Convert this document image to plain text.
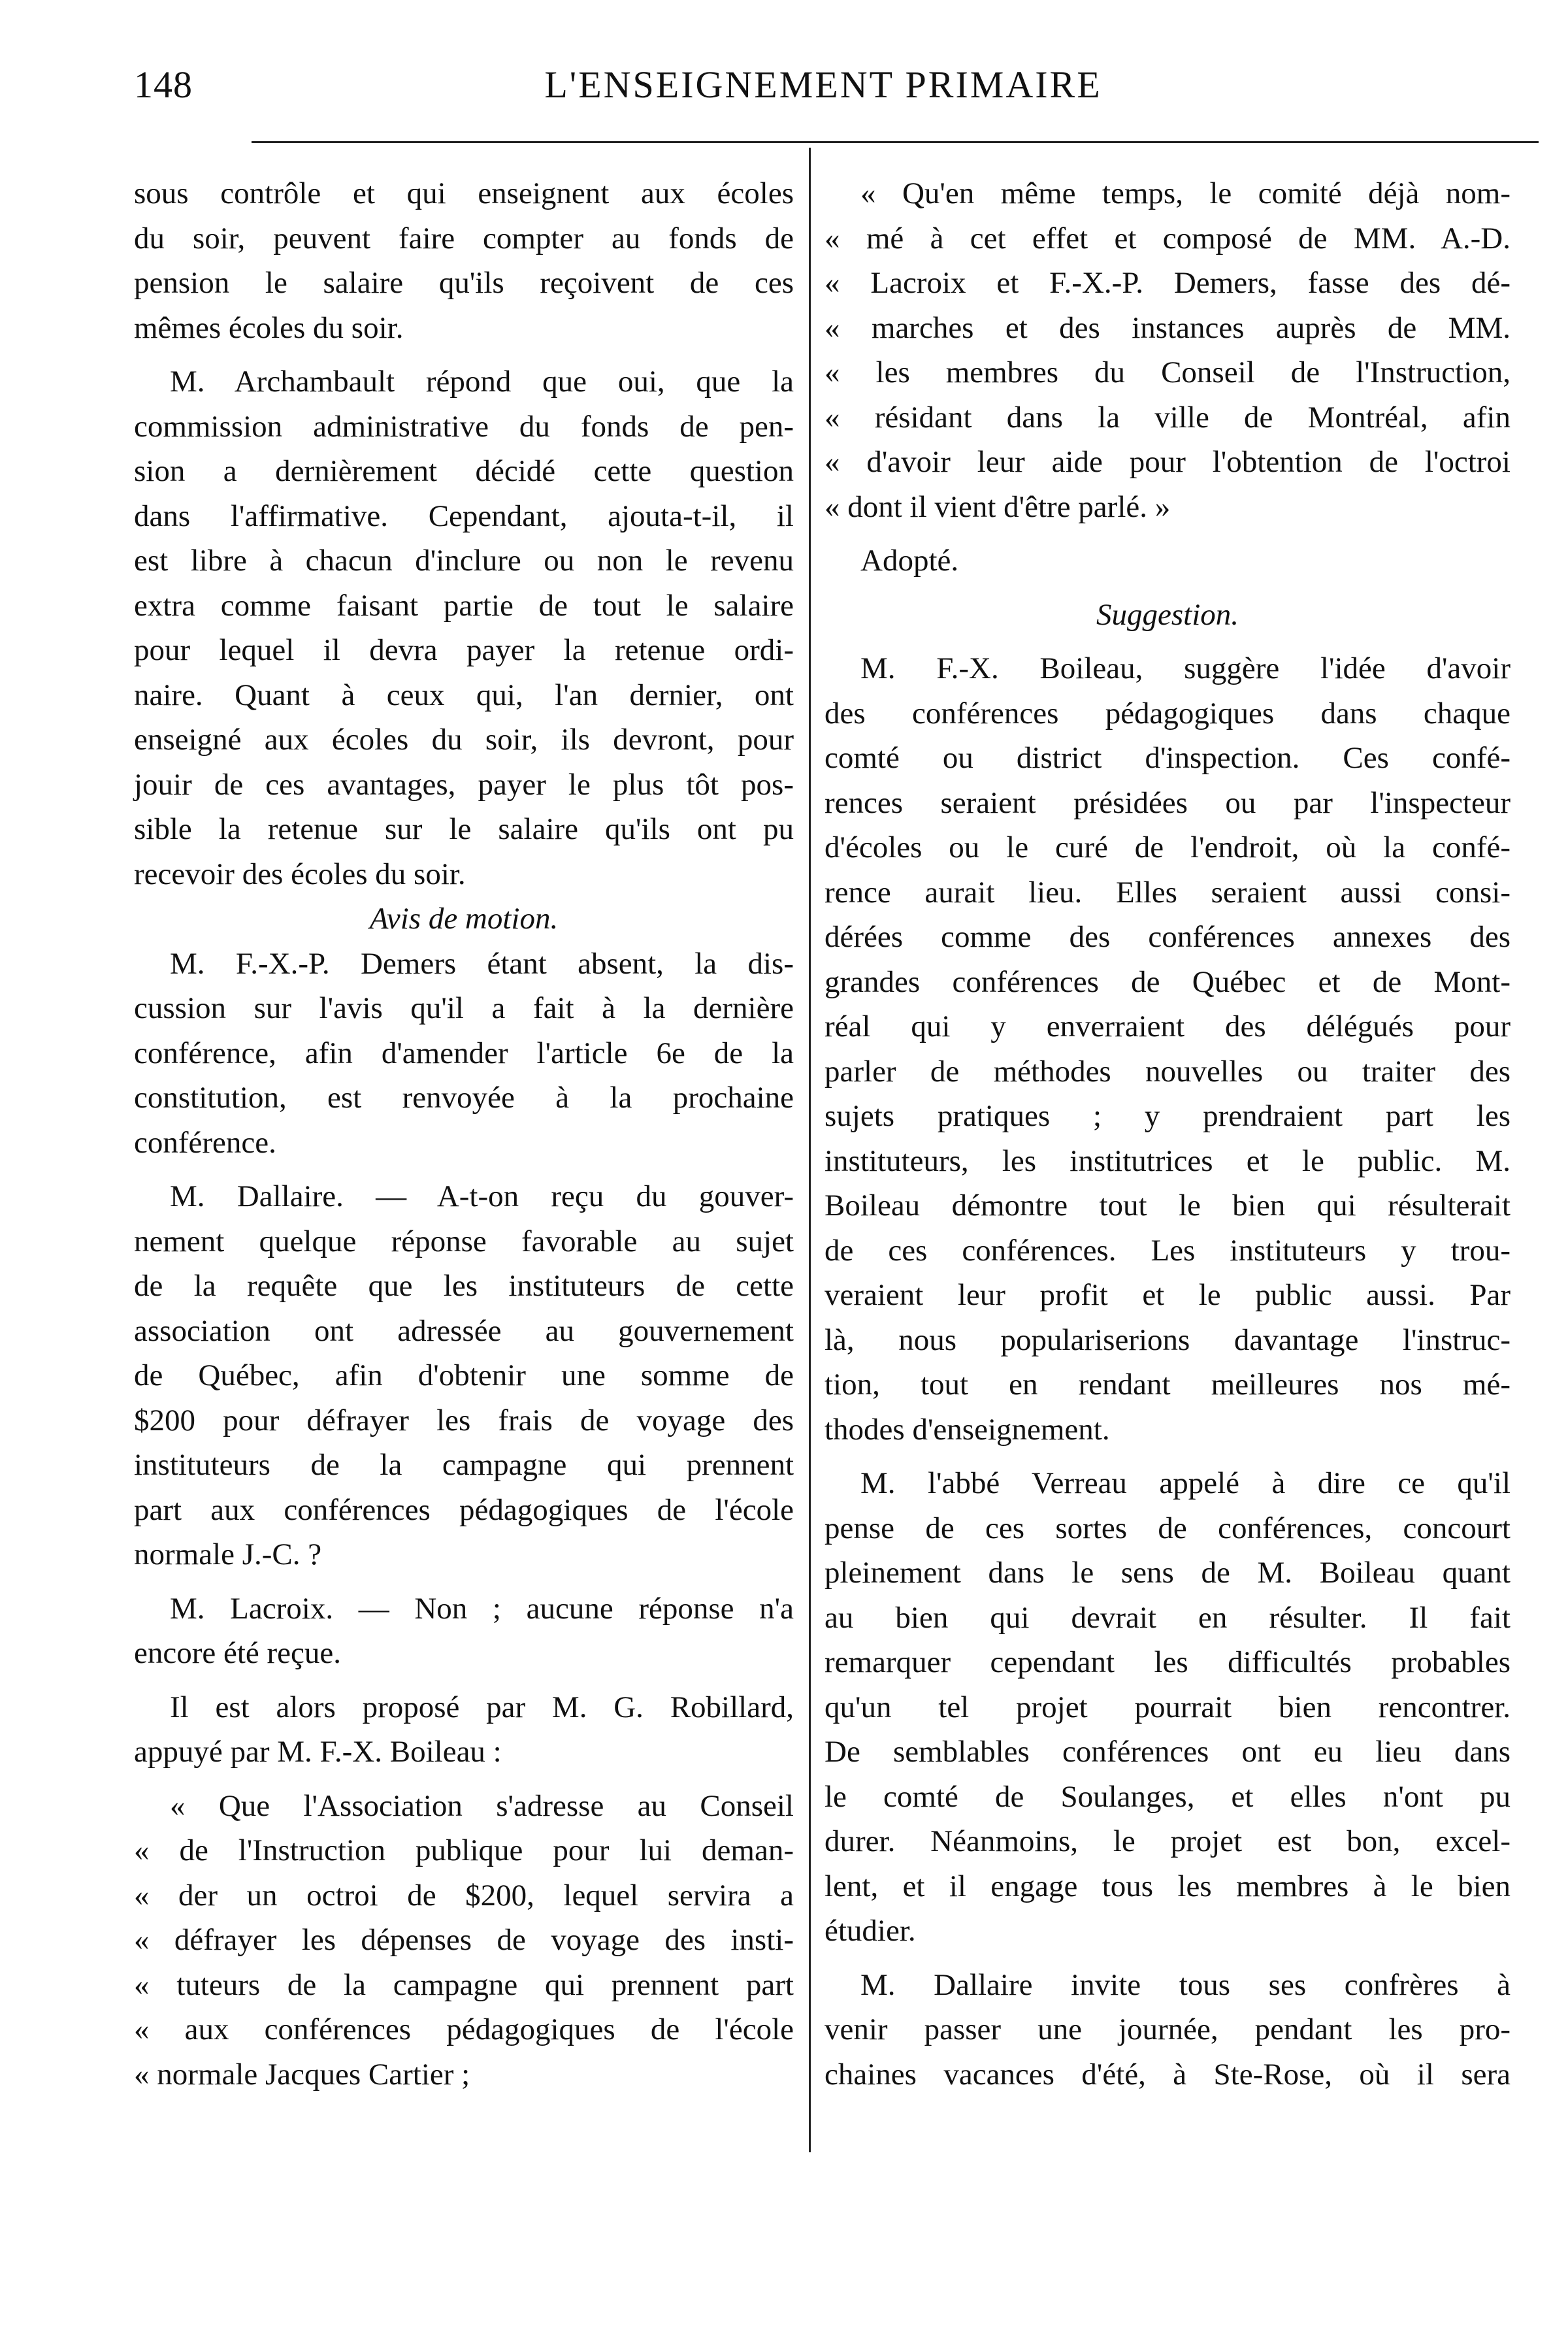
148	L'ENSEIGNEMENT PRIMAIRE
sous contrôle et qui enseignent aux écoles
du soir, peuvent faire compter au fonds de
pension le salaire qu'ils reçoivent de ces
mêmes écoles du soir.
M. Archambault répond que oui, que la
commission administrative du fonds de pen-
sion a dernièrement décidé cette question
dans l'affirmative. Cependant, ajouta-t-il, il
est libre à chacun d'inclure ou non le revenu
extra comme faisant partie de tout le salaire
pour lequel il devra payer la retenue ordi-
naire. Quant à ceux qui, l'an dernier, ont
enseigné aux écoles du soir, ils devront, pour
jouir de ces avantages, payer le plus tôt pos-
sible la retenue sur le salaire qu'ils ont pu
recevoir des écoles du soir.
Avis de motion.
M. F.-X.-P. Demers étant absent, la dis-
cussion sur l'avis qu'il a fait à la dernière
conférence, afin d'amender l'article 6e de la
constitution, est renvoyée à la prochaine
conférence.
M. Dallaire. — A-t-on reçu du gouver-
nement quelque réponse favorable au sujet
de la requête que les instituteurs de cette
association ont adressée au gouvernement
de Québec, afin d'obtenir une somme de
$200 pour défrayer les frais de voyage des
instituteurs de la campagne qui prennent
part aux conférences pédagogiques de l'école
normale J.-C. ?
M. Lacroix. — Non ; aucune réponse n'a
encore été reçue.
Il est alors proposé par M. G. Robillard,
appuyé par M. F.-X. Boileau :
« Que l'Association s'adresse au Conseil
« de l'Instruction publique pour lui deman-
« der un octroi de $200, lequel servira a
« défrayer les dépenses de voyage des insti-
« tuteurs de la campagne qui prennent part
« aux conférences pédagogiques de l'école
« normale Jacques Cartier ;
« Qu'en même temps, le comité déjà nom-
« mé à cet effet et composé de MM. A.-D.
« Lacroix et F.-X.-P. Demers, fasse des dé-
« marches et des instances auprès de MM.
« les membres du Conseil de l'Instruction,
« résidant dans la ville de Montréal, afin
« d'avoir leur aide pour l'obtention de l'octroi
« dont il vient d'être parlé. »
Adopté.
Suggestion.
M. F.-X. Boileau, suggère l'idée d'avoir
des conférences pédagogiques dans chaque
comté ou district d'inspection. Ces confé-
rences seraient présidées ou par l'inspecteur
d'écoles ou le curé de l'endroit, où la confé-
rence aurait lieu. Elles seraient aussi consi-
dérées comme des conférences annexes des
grandes conférences de Québec et de Mont-
réal qui y enverraient des délégués pour
parler de méthodes nouvelles ou traiter des
sujets pratiques ; y prendraient part les
instituteurs, les institutrices et le public. M.
Boileau démontre tout le bien qui résulterait
de ces conférences. Les instituteurs y trou-
veraient leur profit et le public aussi. Par
là, nous populariserions davantage l'instruc-
tion, tout en rendant meilleures nos mé-
thodes d'enseignement.
M. l'abbé Verreau appelé à dire ce qu'il
pense de ces sortes de conférences, concourt
pleinement dans le sens de M. Boileau quant
au bien qui devrait en résulter. Il fait
remarquer cependant les difficultés probables
qu'un tel projet pourrait bien rencontrer.
De semblables conférences ont eu lieu dans
le comté de Soulanges, et elles n'ont pu
durer. Néanmoins, le projet est bon, excel-
lent, et il engage tous les membres à le bien
étudier.
M. Dallaire invite tous ses confrères à
venir passer une journée, pendant les pro-
chaines vacances d'été, à Ste-Rose, où il sera
